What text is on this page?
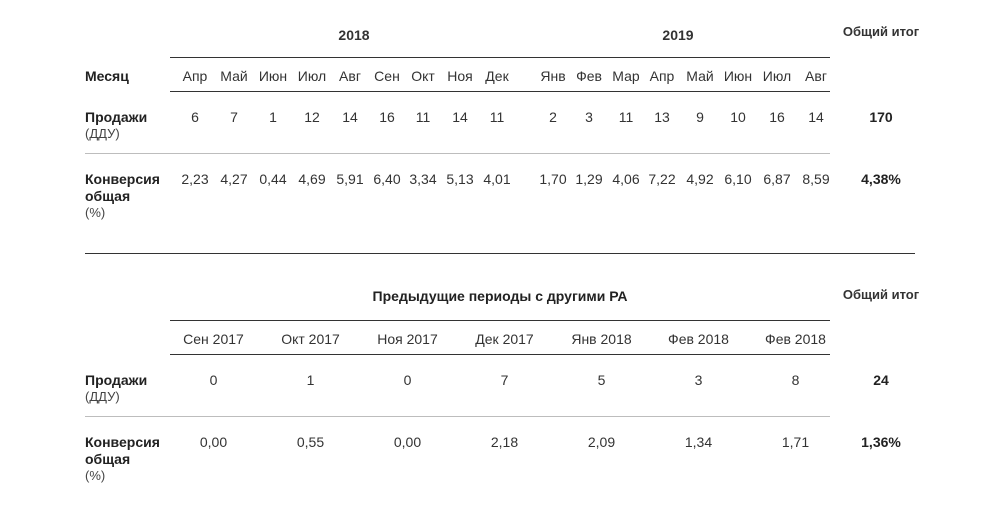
2018	2019	Общий итог
Месяц	Апр Май Июн Июл Авг Сен Окт Ноя Дек	Янв Фев Мар Апр Май Июн Июл Авг
Продажи
(ДДУ)
6	7	1	12	14	16	11	14	11	2	3	11	13	9	10	16	14	170
Конверсия общая
(%)
2,23 4,27 0,44 4,69 5,91 6,40 3,34 5,13 4,01	1,70 1,29 4,06 7,22 4,92 6,10 6,87 8,59	4,38%
Предыдущие периоды с другими РА	Общий итог
Сен 2017	Окт 2017	Ноя 2017	Дек 2017	Янв 2018	Фев 2018	Фев 2018
Продажи
(ДДУ)
0	1	0	7	5	3	8	24
Конверсия общая
(%)
0,00	0,55	0,00	2,18	2,09	1,34	1,71	1,36%
